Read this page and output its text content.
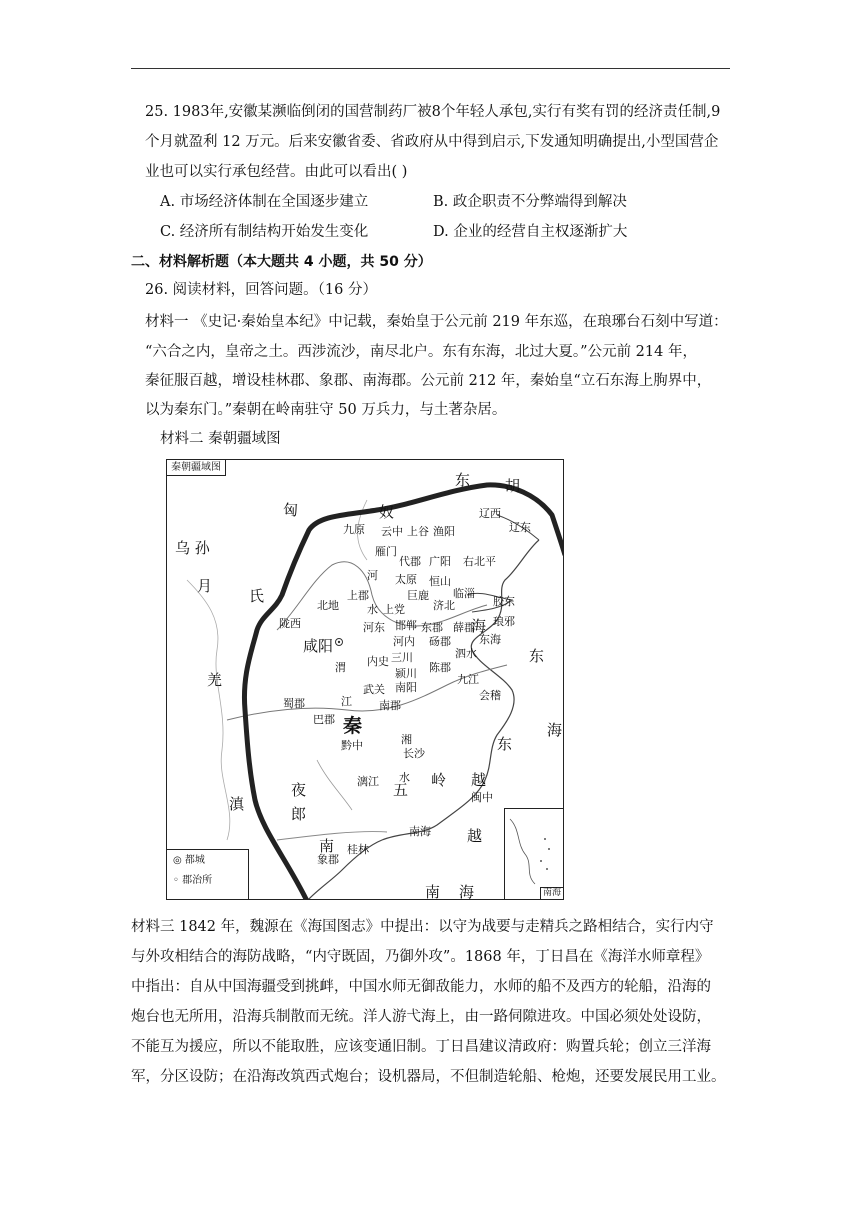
25. 1983年,安徽某濒临倒闭的国营制药厂被8个年轻人承包,实行有奖有罚的经济责任制,9
个月就盈利 12 万元。后来安徽省委、省政府从中得到启示,下发通知明确提出,小型国营企
业也可以实行承包经营。由此可以看出( )
A. 市场经济体制在全国逐步建立	B. 政企职责不分弊端得到解决
C. 经济所有制结构开始发生变化	D. 企业的经营自主权逐渐扩大
二、材料解析题（本大题共 4 小题，共 50 分）
26. 阅读材料，回答问题。（16 分）
材料一 《史记·秦始皇本纪》中记载，秦始皇于公元前 219 年东巡，在琅琊台石刻中写道：
“六合之内，皇帝之土。西涉流沙，南尽北户。东有东海，北过大夏。”公元前 214 年，
秦征服百越，增设桂林郡、象郡、南海郡。公元前 212 年，秦始皇“立石东海上朐界中，
以为秦东门。”秦朝在岭南驻守 50 万兵力，与土著杂居。
材料二 秦朝疆域图
秦朝疆域图
匈	奴
东 胡
乌 孙
月
氏
羌
秦
夜
郎
滇
五
岭 越
越
南
南 海
东
海
东
海
九原 云中 上谷 渔阳
辽西
辽东
雁门
代郡 广阳 右北平
河 太原 恒山
巨鹿
上郡
上党	济北
临淄
胶东
北地	水
邯郸 东郡 薛郡 琅邪
陇西
咸阳
河东
河内
三川
砀郡	东海
内史
颍川 陈郡
泗水
武关 南阳
九江
会稽
蜀郡	江
巴郡
南郡
黔中
长沙
湘
水
闽中
南海
桂林
象郡
漓江
渭
◎ 都城
◦ 郡治所
南海
材料三 1842 年，魏源在《海国图志》中提出：以守为战要与走精兵之路相结合，实行内守
与外攻相结合的海防战略，“内守既固，乃御外攻”。1868 年，丁日昌在《海洋水师章程》
中指出：自从中国海疆受到挑衅，中国水师无御敌能力，水师的船不及西方的轮船，沿海的
炮台也无所用，沿海兵制散而无统。洋人游弋海上，由一路伺隙进攻。中国必须处处设防，
不能互为援应，所以不能取胜，应该变通旧制。丁日昌建议清政府：购置兵轮；创立三洋海
军，分区设防；在沿海改筑西式炮台；设机器局，不但制造轮船、枪炮，还要发展民用工业。
